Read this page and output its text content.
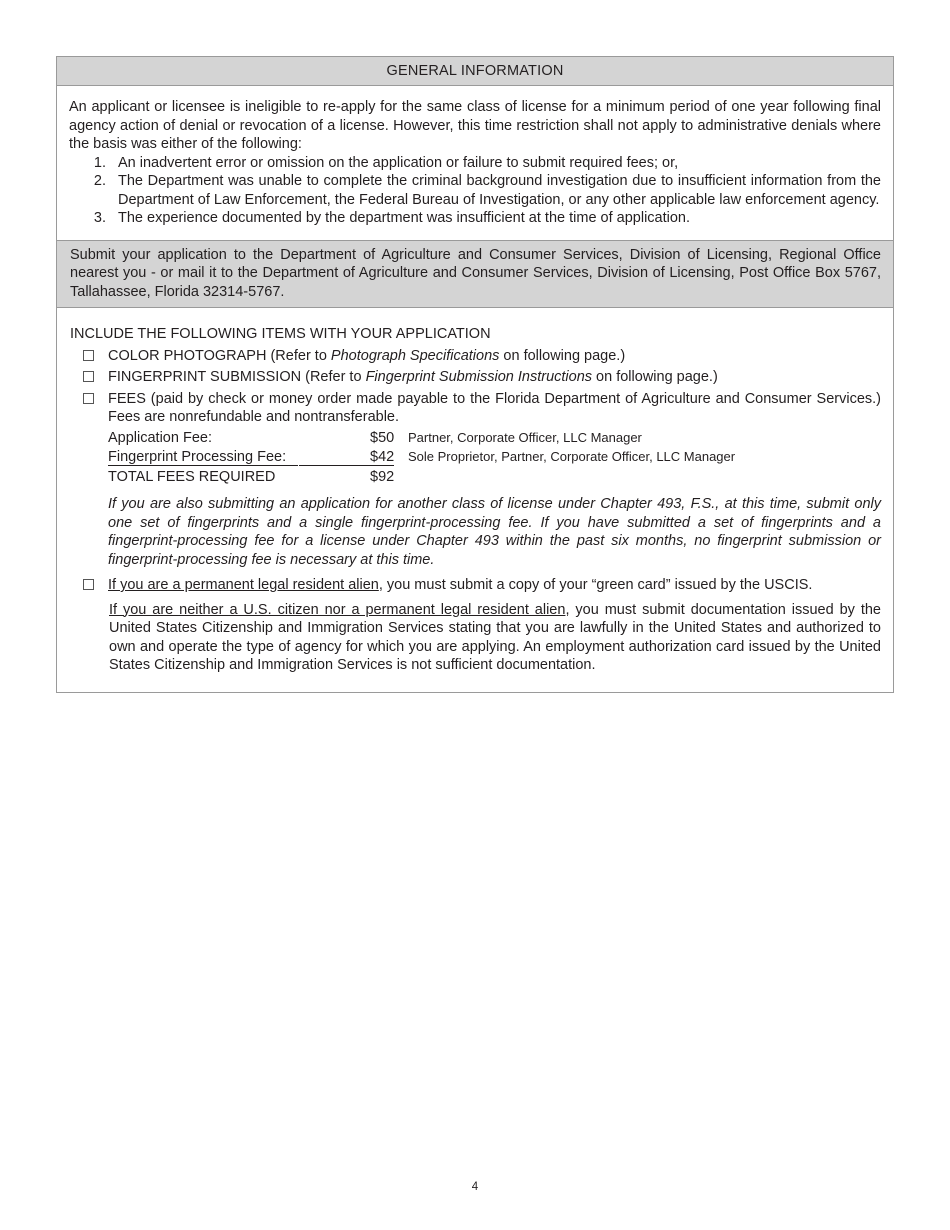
GENERAL INFORMATION

An applicant or licensee is ineligible to re-apply for the same class of license for a minimum period of one year following final agency action of denial or revocation of a license. However, this time restriction shall not apply to administrative denials where the basis was either of the following:

1. An inadvertent error or omission on the application or failure to submit required fees; or,
2. The Department was unable to complete the criminal background investigation due to insufficient information from the Department of Law Enforcement, the Federal Bureau of Investigation, or any other applicable law enforcement agency.
3. The experience documented by the department was insufficient at the time of application.
Submit your application to the Department of Agriculture and Consumer Services, Division of Licensing, Regional Office nearest you - or mail it to the Department of Agriculture and Consumer Services, Division of Licensing, Post Office Box 5767, Tallahassee, Florida 32314-5767.

INCLUDE THE FOLLOWING ITEMS WITH YOUR APPLICATION

COLOR PHOTOGRAPH (Refer to Photograph Specifications on following page.)
FINGERPRINT SUBMISSION (Refer to Fingerprint Submission Instructions on following page.)
FEES (paid by check or money order made payable to the Florida Department of Agriculture and Consumer Services.) Fees are nonrefundable and nontransferable.
Application Fee:	$50	Partner, Corporate Officer, LLC Manager
Fingerprint Processing Fee:	$42	Sole Proprietor, Partner, Corporate Officer, LLC Manager
TOTAL FEES REQUIRED	$92
If you are also submitting an application for another class of license under Chapter 493, F.S., at this time, submit only one set of fingerprints and a single fingerprint-processing fee. If you have submitted a set of fingerprints and a fingerprint-processing fee for a license under Chapter 493 within the past six months, no fingerprint submission or fingerprint-processing fee is necessary at this time.
If you are a permanent legal resident alien, you must submit a copy of your “green card” issued by the USCIS.
If you are neither a U.S. citizen nor a permanent legal resident alien, you must submit documentation issued by the United States Citizenship and Immigration Services stating that you are lawfully in the United States and authorized to own and operate the type of agency for which you are applying. An employment authorization card issued by the United States Citizenship and Immigration Services is not sufficient documentation.
4
